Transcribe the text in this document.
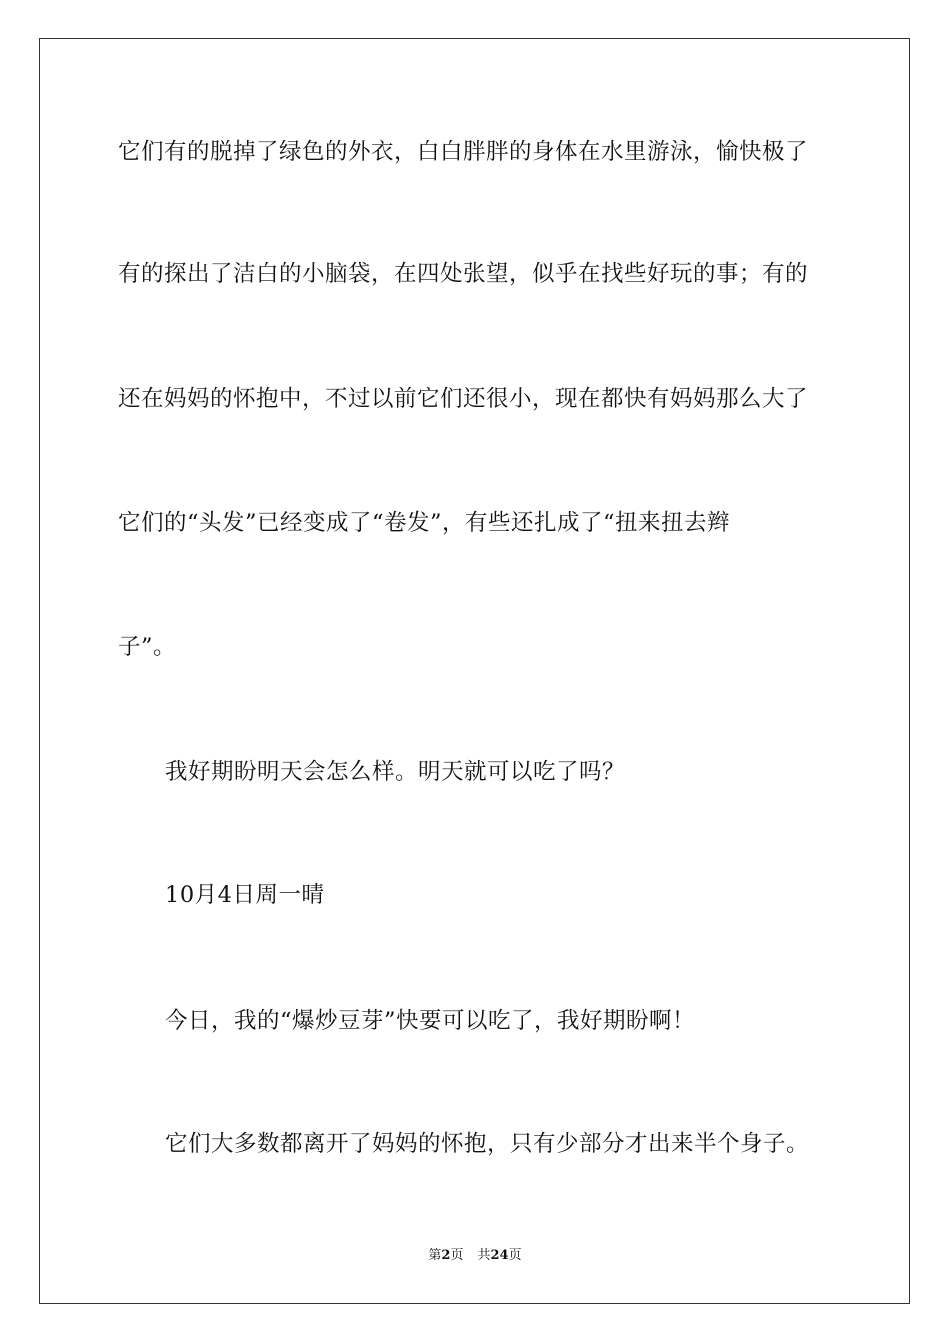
它们有的脱掉了绿色的外衣，白白胖胖的身体在水里游泳，愉快极了
有的探出了洁白的小脑袋，在四处张望，似乎在找些好玩的事；有的
还在妈妈的怀抱中，不过以前它们还很小，现在都快有妈妈那么大了
它们的“头发”已经变成了“卷发”，有些还扎成了“扭来扭去辫
子”。
我好期盼明天会怎么样。明天就可以吃了吗？
10月4日周一晴
今日，我的“爆炒豆芽”快要可以吃了，我好期盼啊！
它们大多数都离开了妈妈的怀抱，只有少部分才出来半个身子。
第2页 共24页
